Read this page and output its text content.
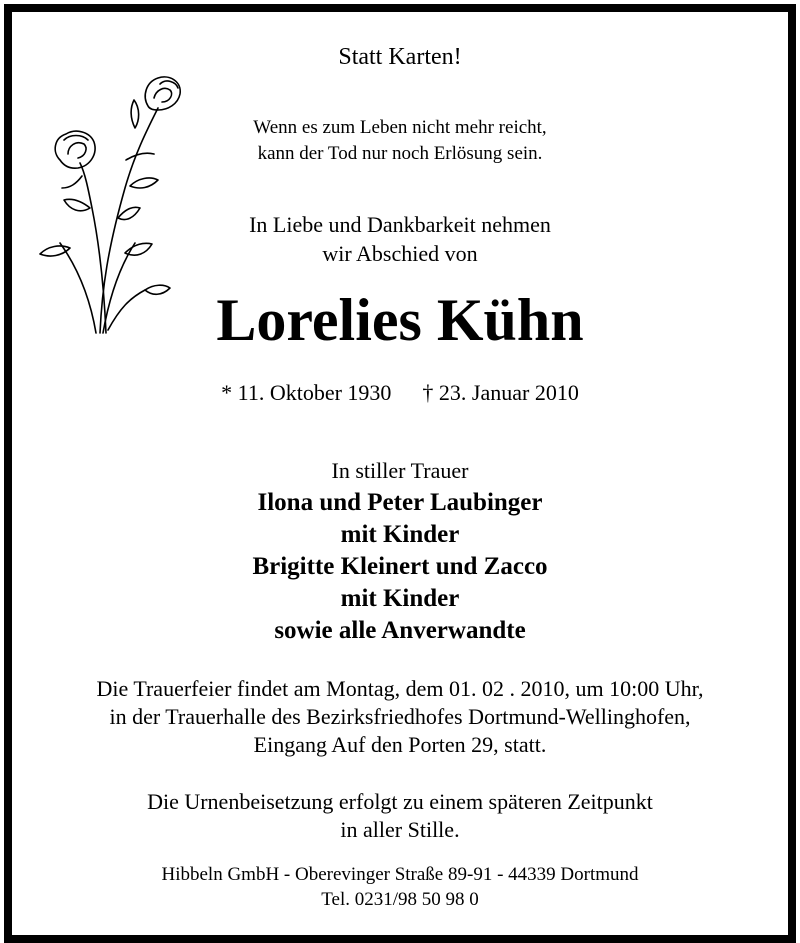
Statt Karten!
Wenn es zum Leben nicht mehr reicht,
kann der Tod nur noch Erlösung sein.
In Liebe und Dankbarkeit nehmen
wir Abschied von
Lorelies Kühn
* 11. Oktober 1930 † 23. Januar 2010
In stiller Trauer
Ilona und Peter Laubinger
mit Kinder
Brigitte Kleinert und Zacco
mit Kinder
sowie alle Anverwandte
Die Trauerfeier findet am Montag, dem 01. 02 . 2010, um 10:00 Uhr,
in der Trauerhalle des Bezirksfriedhofes Dortmund-Wellinghofen,
Eingang Auf den Porten 29, statt.
Die Urnenbeisetzung erfolgt zu einem späteren Zeitpunkt
in aller Stille.
Hibbeln GmbH - Oberevinger Straße 89-91 - 44339 Dortmund
Tel. 0231/98 50 98 0
